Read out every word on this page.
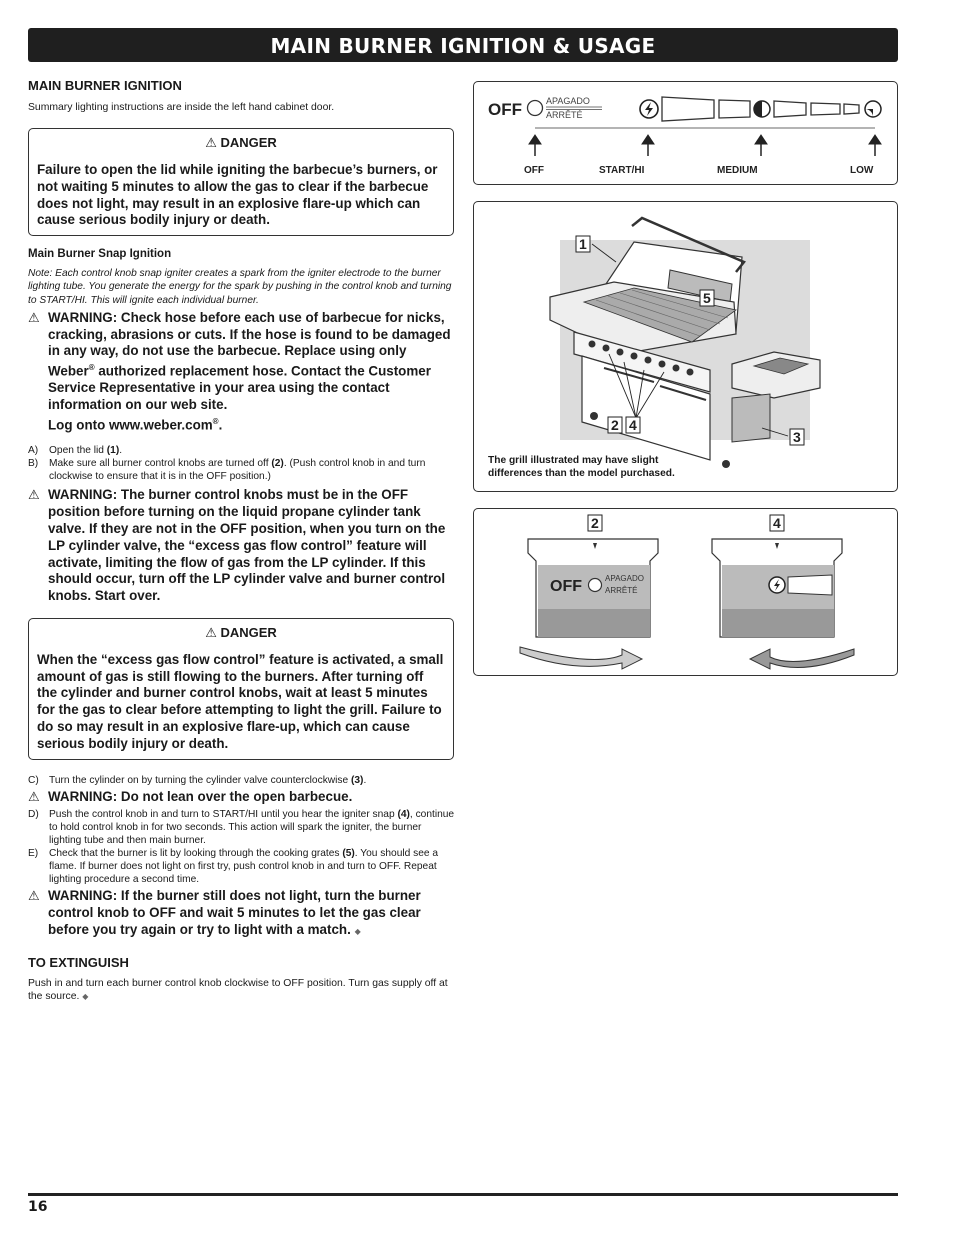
MAIN BURNER IGNITION & USAGE
MAIN BURNER IGNITION

Summary lighting instructions are inside the left hand cabinet door.

⚠ DANGER

Failure to open the lid while igniting the barbecue’s burners, or not waiting 5 minutes to allow the gas to clear if the barbecue does not light, may result in an explosive flare-up which can cause serious bodily injury or death.

Main Burner Snap Ignition

Note: Each control knob snap igniter creates a spark from the igniter electrode to the burner lighting tube. You generate the energy for the spark by pushing in the control knob and turning to START/HI. This will ignite each individual burner.

⚠ WARNING: Check hose before each use of barbecue for nicks, cracking, abrasions or cuts. If the hose is found to be damaged in any way, do not use the barbecue. Replace using only Weber® authorized replacement hose. Contact the Customer Service Representative in your area using the contact information on our web site.
Log onto www.weber.com®.
A)	Open the lid (1).
B)	Make sure all burner control knobs are turned off (2). (Push control knob in and turn clockwise to ensure that it is in the OFF position.)
⚠ WARNING: The burner control knobs must be in the OFF position before turning on the liquid propane cylinder tank valve. If they are not in the OFF position, when you turn on the LP cylinder valve, the “excess gas flow control” feature will activate, limiting the flow of gas from the LP cylinder. If this should occur, turn off the LP cylinder valve and burner control knobs. Start over.
⚠ DANGER

When the “excess gas flow control” feature is activated, a small amount of gas is still flowing to the burners. After turning off the cylinder and burner control knobs, wait at least 5 minutes for the gas to clear before attempting to light the grill. Failure to do so may result in an explosive flare-up, which can cause serious bodily injury or death.

C)	Turn the cylinder on by turning the cylinder valve counterclockwise (3).
⚠ WARNING: Do not lean over the open barbecue.
D)	Push the control knob in and turn to START/HI until you hear the igniter snap (4), continue to hold control knob in for two seconds. This action will spark the igniter, the burner lighting tube and then main burner.
E)	Check that the burner is lit by looking through the cooking grates (5). You should see a flame. If burner does not light on first try, push control knob in and turn to OFF. Repeat lighting procedure a second time.
⚠ WARNING: If the burner still does not light, turn the burner control knob to OFF and wait 5 minutes to let the gas clear before you try again or try to light with a match. ◆
TO EXTINGUISH

Push in and turn each burner control knob clockwise to OFF position. Turn gas supply off at the source. ◆

OFF	APAGADO
ARRÊTÉ
OFF	START/HI	MEDIUM	LOW
1
5
2 4
3
The grill illustrated may have slight differences than the model purchased.
OFF	APAGADO
ARRÊTÉ
2	4
16
